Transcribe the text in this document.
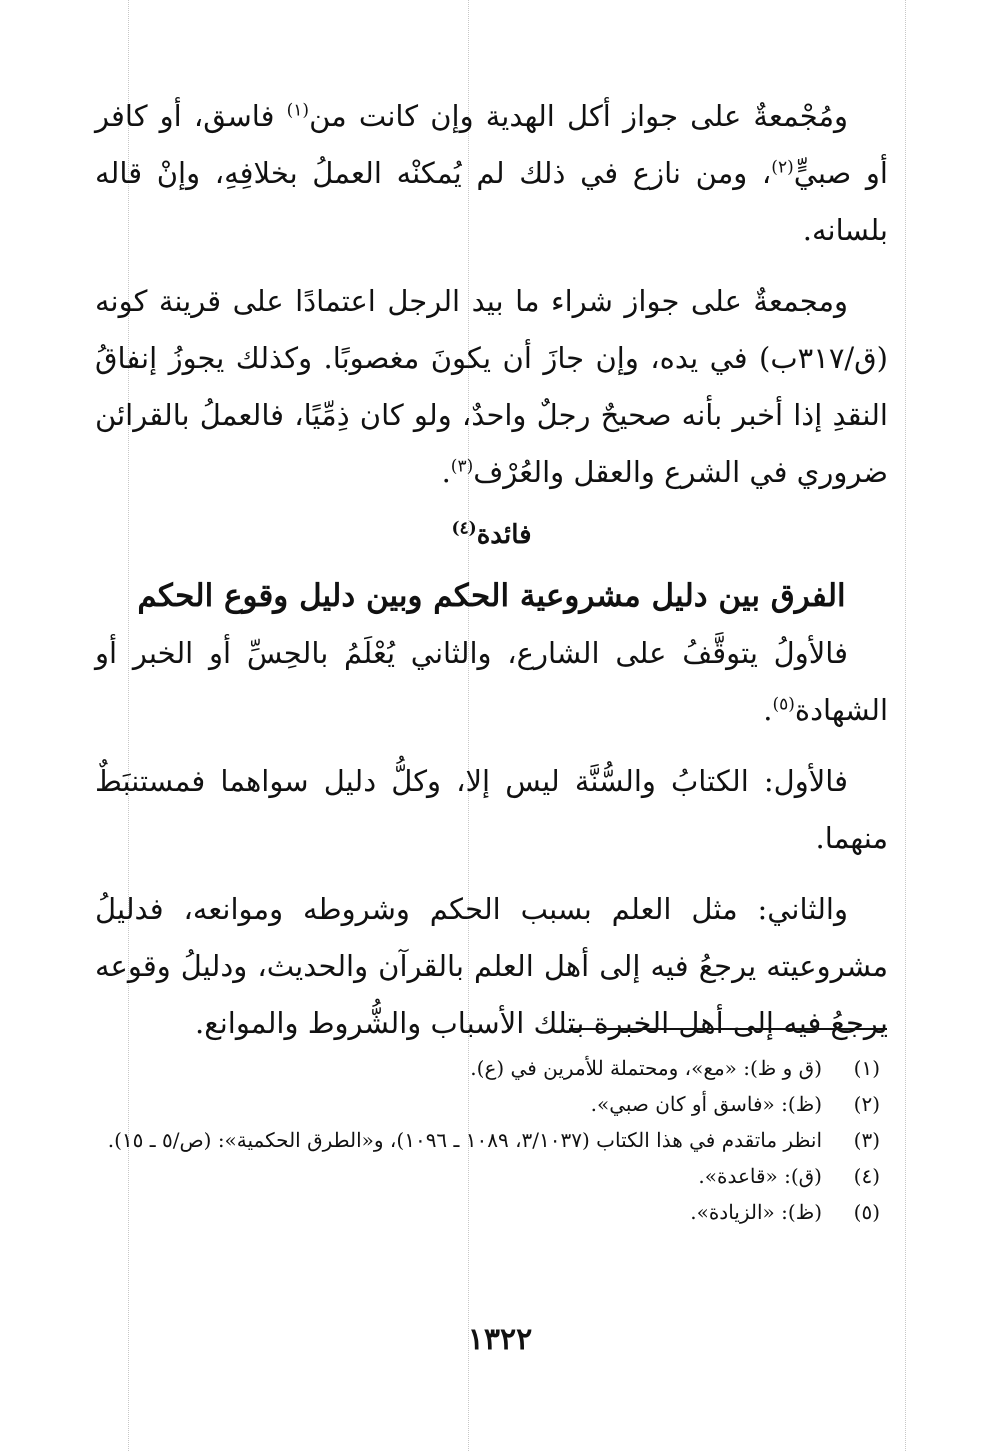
ومُجْمعةٌ على جواز أكل الهدية وإن كانت من$^{(١)}$ فاسق، أو كافر أو صبيٍّ$^{(٢)}$، ومن نازع في ذلك لم يُمكنْه العملُ بخلافِهِ، وإنْ قاله بلسانه.

ومجمعةٌ على جواز شراء ما بيد الرجل اعتمادًا على قرينة كونه (ق/٣١٧ب) في يده، وإن جازَ أن يكونَ مغصوبًا. وكذلك يجوزُ إنفاقُ النقدِ إذا أخبر بأنه صحيحٌ رجلٌ واحدٌ، ولو كان ذِمِّيًا، فالعملُ بالقرائن ضروري في الشرع والعقل والعُرْف$^{(٣)}$.

فائدة$^{(٤)}$
الفرق بين دليل مشروعية الحكم وبين دليل وقوع الحكم

فالأولُ يتوقَّفُ على الشارع، والثاني يُعْلَمُ بالحِسِّ أو الخبر أو الشهادة$^{(٥)}$.

فالأول: الكتابُ والسُّنَّة ليس إلا، وكلُّ دليل سواهما فمستنبَطٌ منهما.

والثاني: مثل العلم بسبب الحكم وشروطه وموانعه، فدليلُ مشروعيته يرجعُ فيه إلى أهل العلم بالقرآن والحديث، ودليلُ وقوعه يرجعُ فيه إلى أهل الخبرة بتلك الأسباب والشُّروط والموانع.

(١)
(ق و ظ): «مع»، ومحتملة للأمرين في (ع).
(٢)
(ظ): «فاسق أو كان صبي».
(٣)
انظر ماتقدم في هذا الكتاب (٣/١٠٣٧، ١٠٨٩ ـ ١٠٩٦)، و«الطرق الحكمية»: (ص/٥ ـ ١٥).
(٤)
(ق): «قاعدة».
(٥)
(ظ): «الزيادة».
١٣٢٢
